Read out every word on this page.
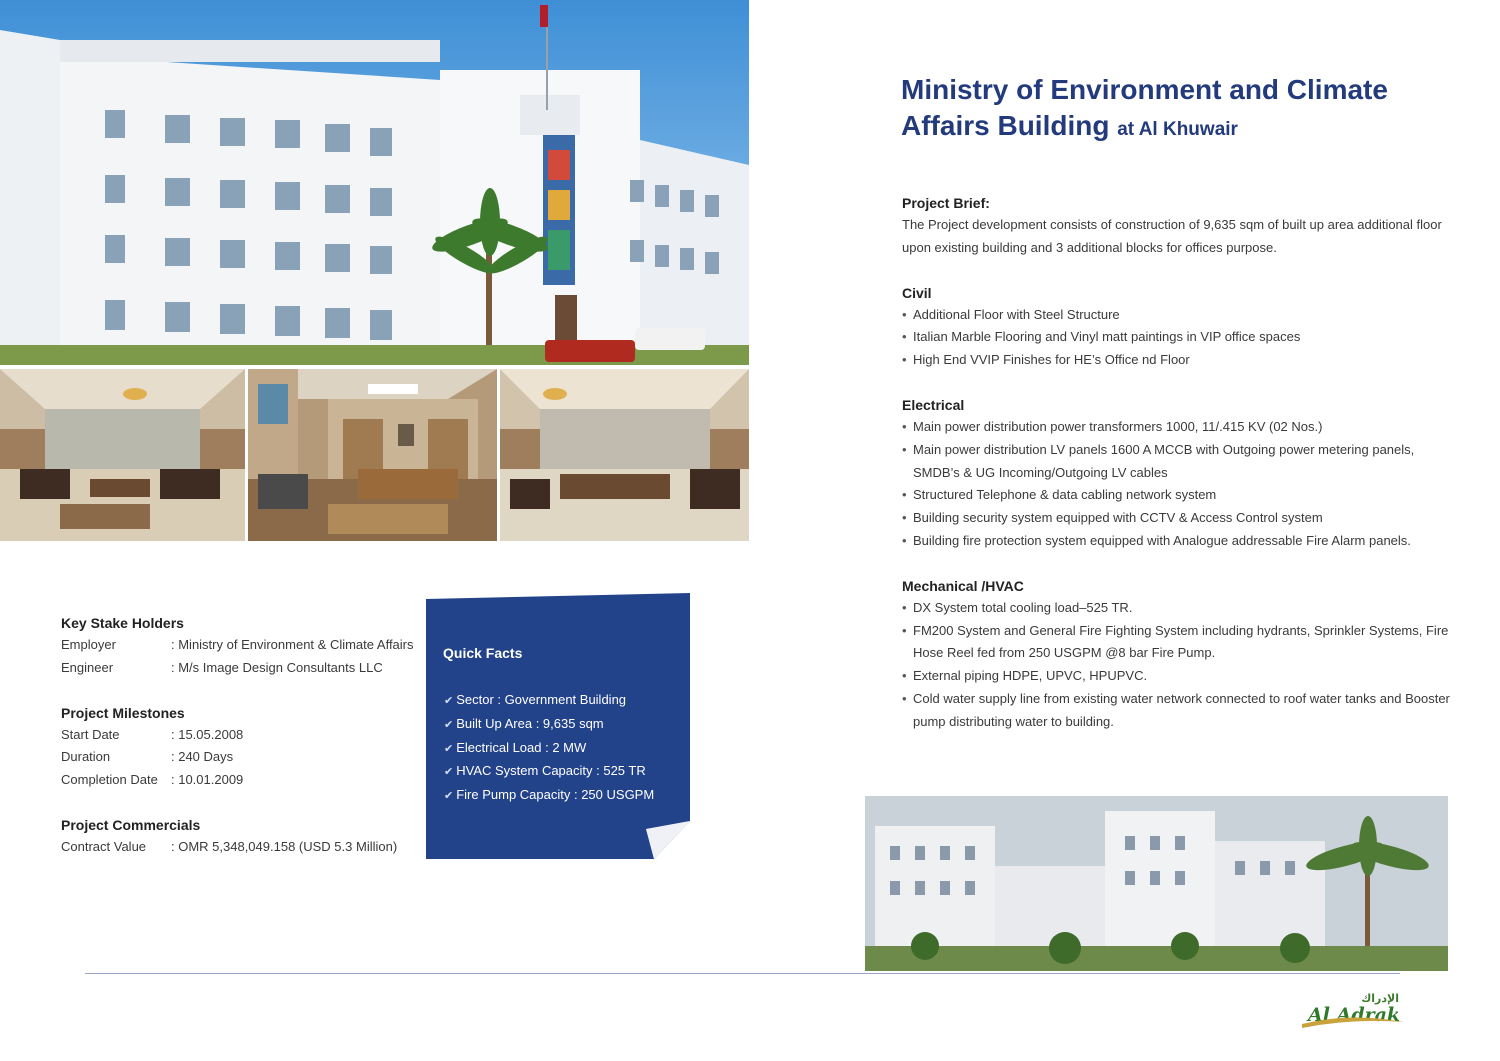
Ministry of Environment and Climate Affairs Building at Al Khuwair
Project Brief:

The Project development consists of construction of 9,635 sqm of built up area additional floor upon existing building and 3 additional blocks for offices purpose.

Civil
• Additional Floor with Steel Structure
• Italian Marble Flooring and Vinyl matt paintings in VIP office spaces
• High End VVIP Finishes for HE’s Office nd Floor
Electrical
• Main power distribution power transformers 1000, 11/.415 KV (02 Nos.)
• Main power distribution LV panels 1600 A MCCB with Outgoing power metering panels, SMDB’s & UG Incoming/Outgoing LV cables
• Structured Telephone & data cabling network system
• Building security system equipped with CCTV & Access Control system
• Building fire protection system equipped with Analogue addressable Fire Alarm panels.
Mechanical /HVAC
• DX System total cooling load–525 TR.
• FM200 System and General Fire Fighting System including hydrants, Sprinkler Systems, Fire Hose Reel fed from 250 USGPM @8 bar Fire Pump.
• External piping HDPE, UPVC, HPUPVC.
• Cold water supply line from existing water network connected to roof water tanks and Booster pump distributing water to building.
Key Stake Holders
Employer	: Ministry of Environment & Climate Affairs
Engineer	: M/s Image Design Consultants LLC
Project Milestones
Start Date	: 15.05.2008
Duration	: 240 Days
Completion Date	: 10.01.2009
Project Commercials
Contract Value	: OMR 5,348,049.158 (USD 5.3 Million)
Quick Facts
✔ Sector : Government Building
✔ Built Up Area : 9,635 sqm
✔ Electrical Load : 2 MW
✔ HVAC System Capacity : 525 TR
✔ Fire Pump Capacity : 250 USGPM
الإدراك
Al Adrak
